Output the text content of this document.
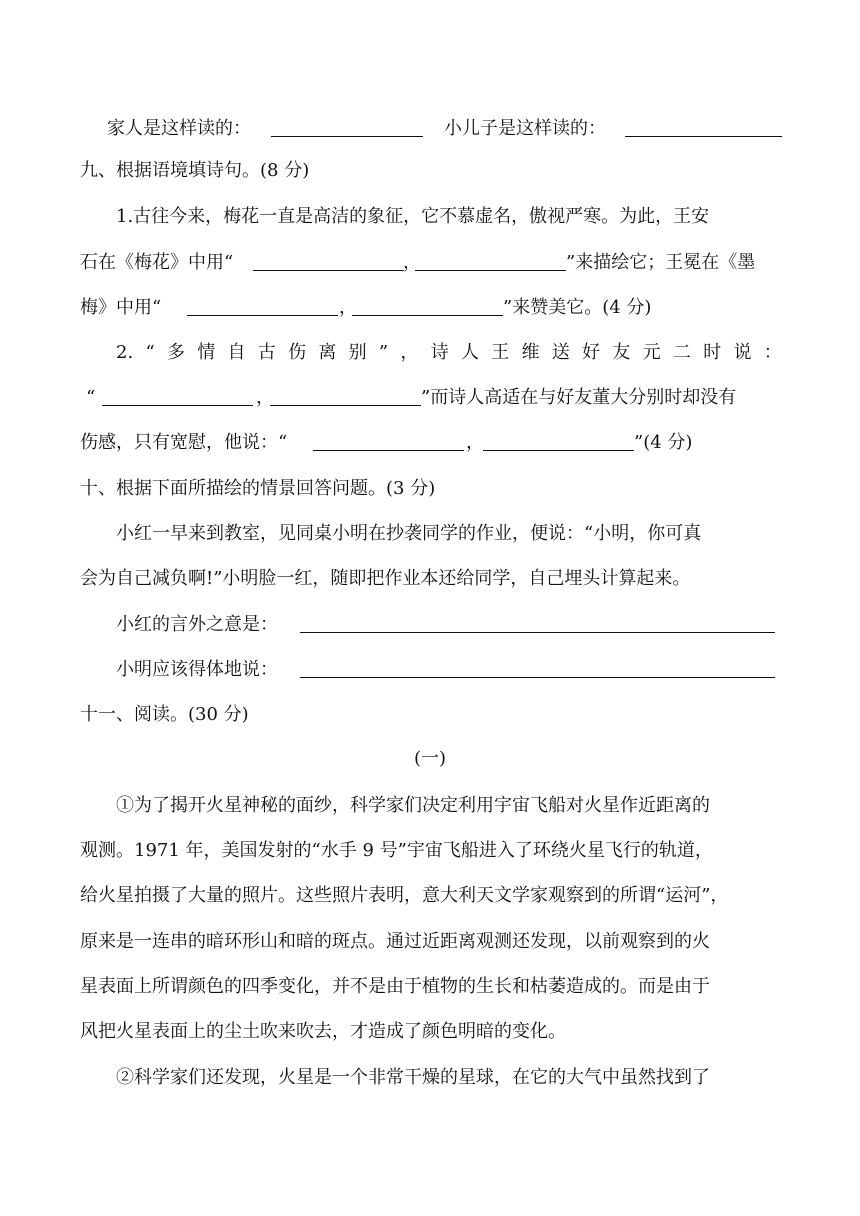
家人是这样读的：	小儿子是这样读的：
九、根据语境填诗句。(8 分)
1.古往今来，梅花一直是高洁的象征，它不慕虚名，傲视严寒。为此，王安
石在《梅花》中用“	，	”来描绘它；王冕在《墨
梅》中用“	，	”来赞美它。(4 分)
2. “ 多 情 自 古 伤 离 别 ” ， 诗 人 王 维 送 好 友 元 二 时 说 ：
“	，	”而诗人高适在与好友董大分别时却没有
伤感，只有宽慰，他说：“	，	”(4 分)
十、根据下面所描绘的情景回答问题。(3 分)
小红一早来到教室，见同桌小明在抄袭同学的作业，便说：“小明，你可真
会为自己减负啊!”小明脸一红，随即把作业本还给同学，自己埋头计算起来。
小红的言外之意是：
小明应该得体地说：
十一、阅读。(30 分)
(一)
①为了揭开火星神秘的面纱，科学家们决定利用宇宙飞船对火星作近距离的
观测。1971 年，美国发射的“水手 9 号”宇宙飞船进入了环绕火星飞行的轨道，
给火星拍摄了大量的照片。这些照片表明，意大利天文学家观察到的所谓“运河”，
原来是一连串的暗环形山和暗的斑点。通过近距离观测还发现，以前观察到的火
星表面上所谓颜色的四季变化，并不是由于植物的生长和枯萎造成的。而是由于
风把火星表面上的尘土吹来吹去，才造成了颜色明暗的变化。
②科学家们还发现，火星是一个非常干燥的星球，在它的大气中虽然找到了
